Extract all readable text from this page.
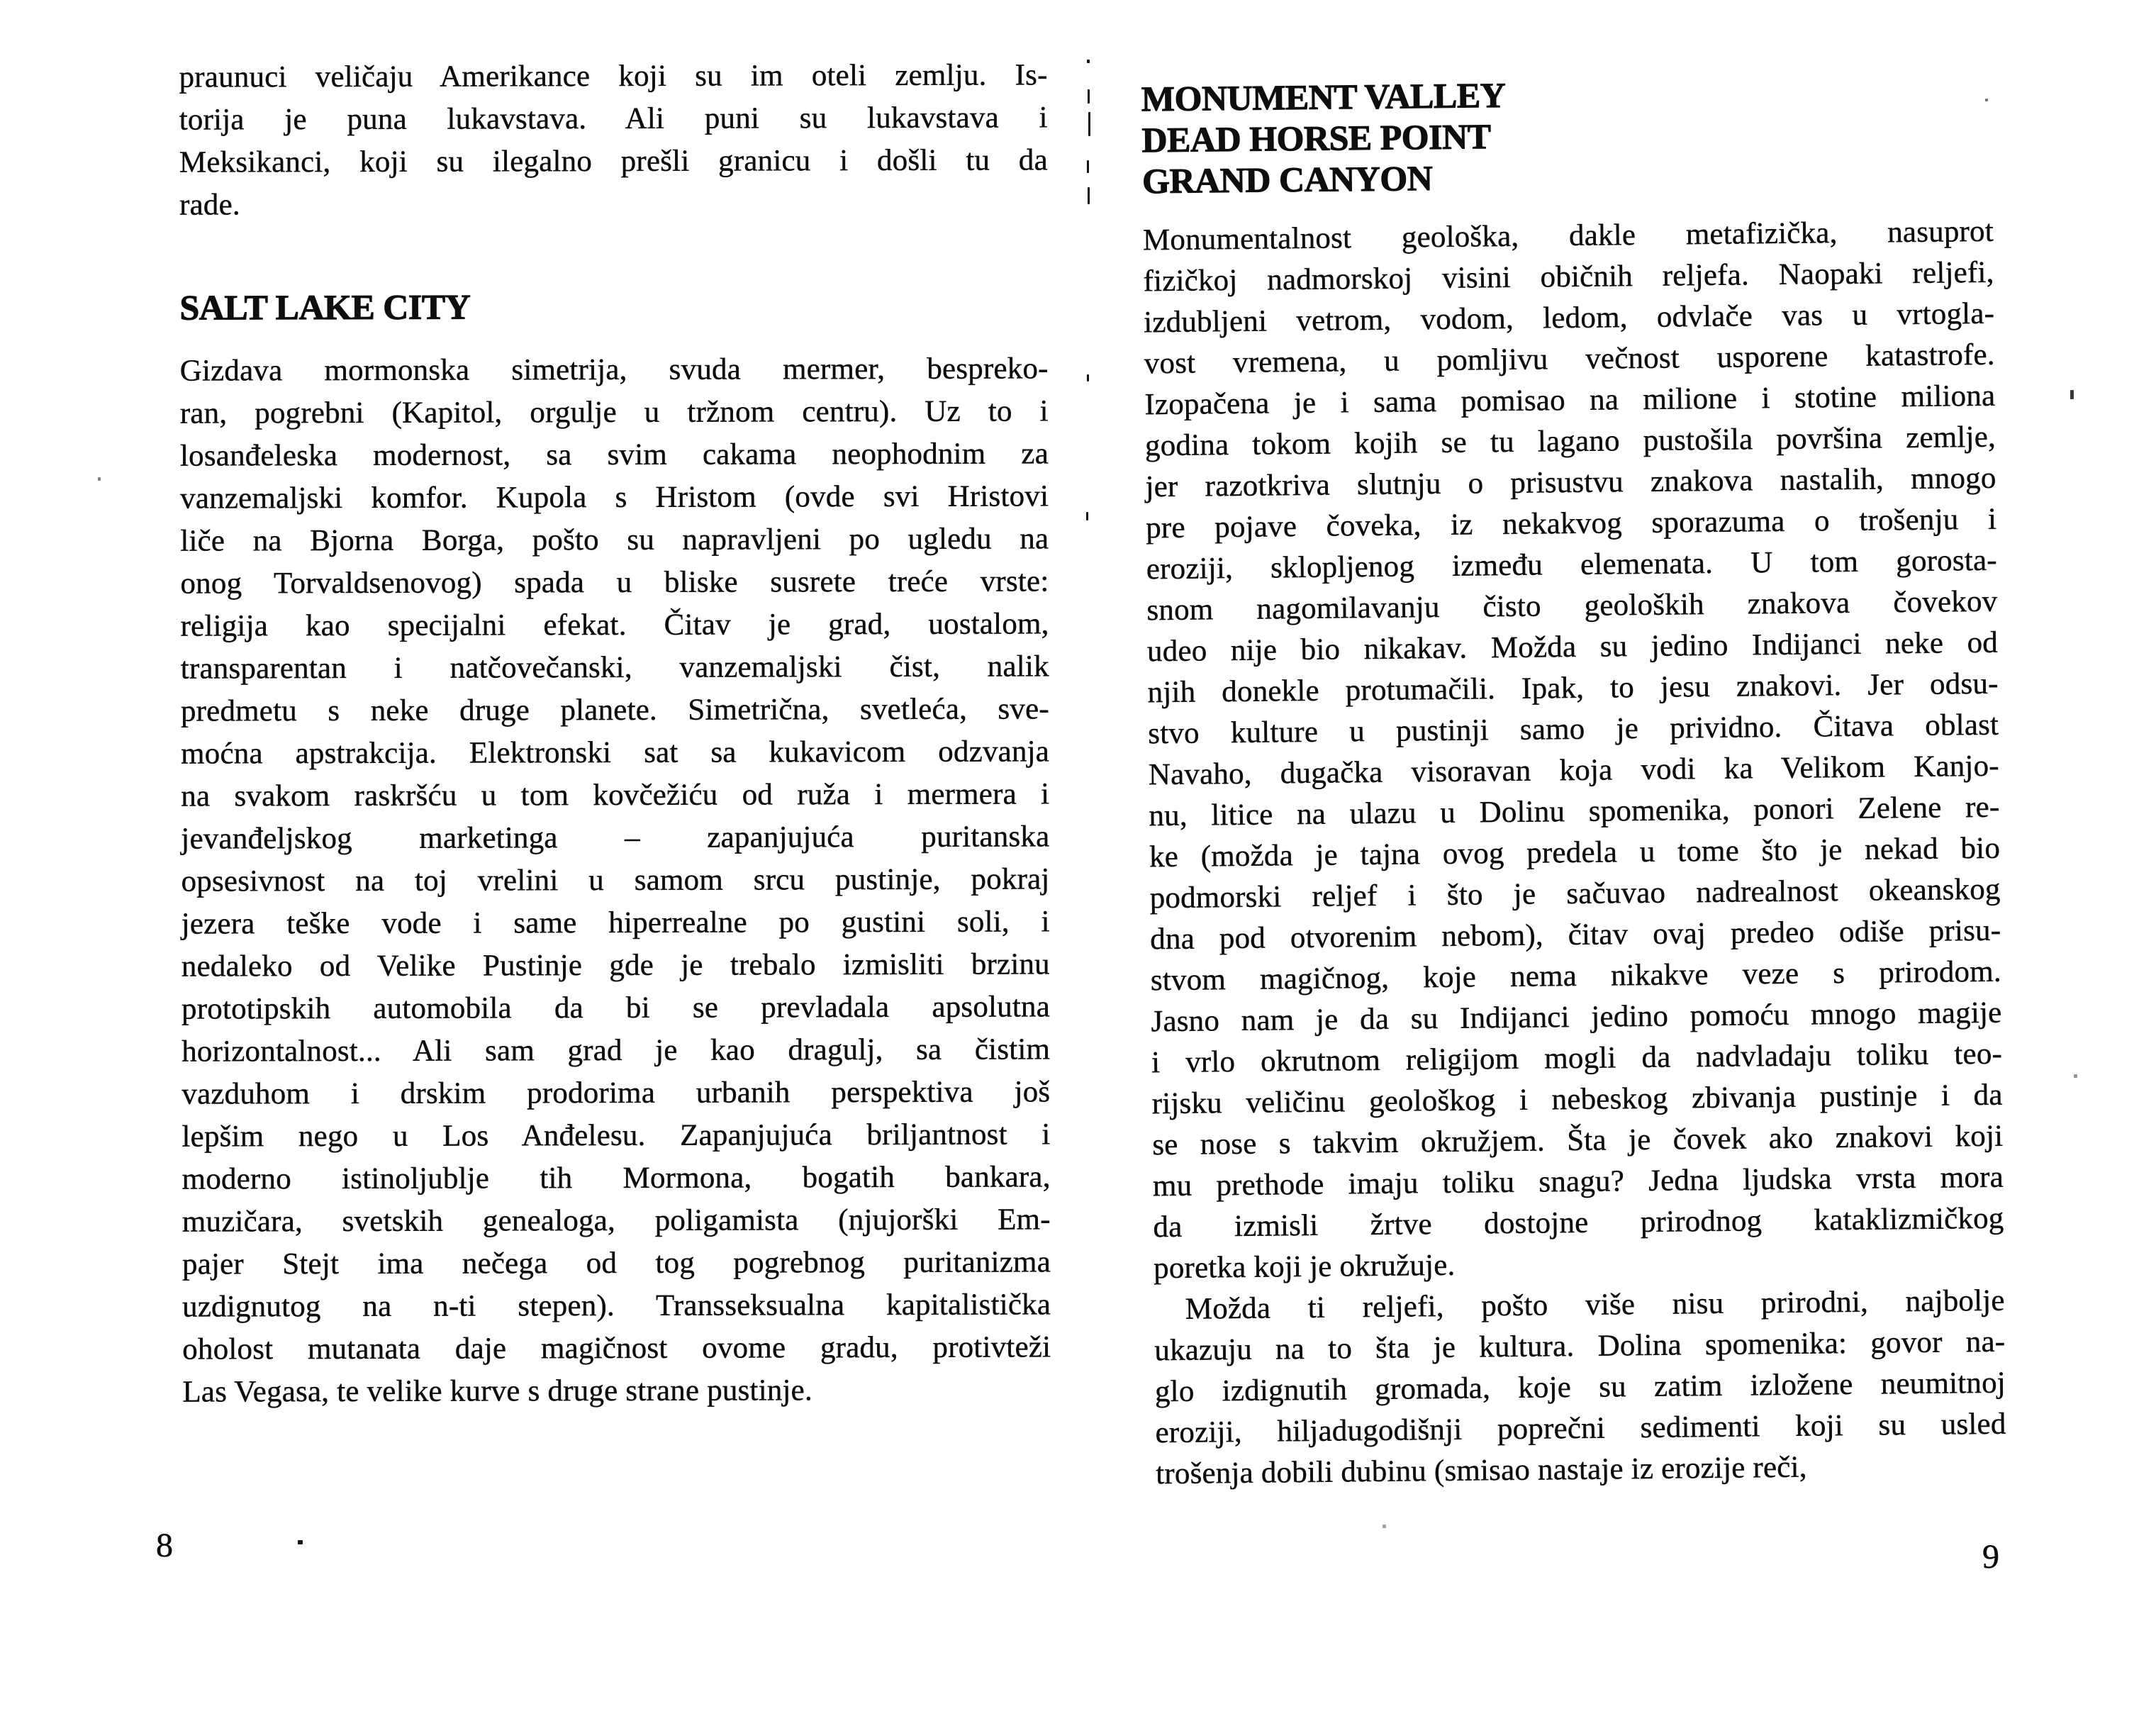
praunuci veličaju Amerikance koji su im oteli zemlju. Is-
torija je puna lukavstava. Ali puni su lukavstava i
Meksikanci, koji su ilegalno prešli granicu i došli tu da
rade.
SALT LAKE CITY
Gizdava mormonska simetrija, svuda mermer, bespreko-
ran, pogrebni (Kapitol, orgulje u tržnom centru). Uz to i
losanđeleska modernost, sa svim cakama neophodnim za
vanzemaljski komfor. Kupola s Hristom (ovde svi Hristovi
liče na Bjorna Borga, pošto su napravljeni po ugledu na
onog Torvaldsenovog) spada u bliske susrete treće vrste:
religija kao specijalni efekat. Čitav je grad, uostalom,
transparentan i natčovečanski, vanzemaljski čist, nalik
predmetu s neke druge planete. Simetrična, svetleća, sve-
moćna apstrakcija. Elektronski sat sa kukavicom odzvanja
na svakom raskršću u tom kovčežiću od ruža i mermera i
jevanđeljskog marketinga – zapanjujuća puritanska
opsesivnost na toj vrelini u samom srcu pustinje, pokraj
jezera teške vode i same hiperrealne po gustini soli, i
nedaleko od Velike Pustinje gde je trebalo izmisliti brzinu
prototipskih automobila da bi se prevladala apsolutna
horizontalnost... Ali sam grad je kao dragulj, sa čistim
vazduhom i drskim prodorima urbanih perspektiva još
lepšim nego u Los Anđelesu. Zapanjujuća briljantnost i
moderno istinoljublje tih Mormona, bogatih bankara,
muzičara, svetskih genealoga, poligamista (njujorški Em-
pajer Stejt ima nečega od tog pogrebnog puritanizma
uzdignutog na n-ti stepen). Transseksualna kapitalistička
oholost mutanata daje magičnost ovome gradu, protivteži
Las Vegasa, te velike kurve s druge strane pustinje.
8
MONUMENT VALLEY
DEAD HORSE POINT
GRAND CANYON
Monumentalnost geološka, dakle metafizička, nasuprot
fizičkoj nadmorskoj visini običnih reljefa. Naopaki reljefi,
izdubljeni vetrom, vodom, ledom, odvlače vas u vrtogla-
vost vremena, u pomljivu večnost usporene katastrofe.
Izopačena je i sama pomisao na milione i stotine miliona
godina tokom kojih se tu lagano pustošila površina zemlje,
jer razotkriva slutnju o prisustvu znakova nastalih, mnogo
pre pojave čoveka, iz nekakvog sporazuma o trošenju i
eroziji, sklopljenog između elemenata. U tom gorosta-
snom nagomilavanju čisto geoloških znakova čovekov
udeo nije bio nikakav. Možda su jedino Indijanci neke od
njih donekle protumačili. Ipak, to jesu znakovi. Jer odsu-
stvo kulture u pustinji samo je prividno. Čitava oblast
Navaho, dugačka visoravan koja vodi ka Velikom Kanjo-
nu, litice na ulazu u Dolinu spomenika, ponori Zelene re-
ke (možda je tajna ovog predela u tome što je nekad bio
podmorski reljef i što je sačuvao nadrealnost okeanskog
dna pod otvorenim nebom), čitav ovaj predeo odiše prisu-
stvom magičnog, koje nema nikakve veze s prirodom.
Jasno nam je da su Indijanci jedino pomoću mnogo magije
i vrlo okrutnom religijom mogli da nadvladaju toliku teo-
rijsku veličinu geološkog i nebeskog zbivanja pustinje i da
se nose s takvim okružjem. Šta je čovek ako znakovi koji
mu prethode imaju toliku snagu? Jedna ljudska vrsta mora
da izmisli žrtve dostojne prirodnog kataklizmičkog
poretka koji je okružuje.
Možda ti reljefi, pošto više nisu prirodni, najbolje
ukazuju na to šta je kultura. Dolina spomenika: govor na-
glo izdignutih gromada, koje su zatim izložene neumitnoj
eroziji, hiljadugodišnji poprečni sedimenti koji su usled
trošenja dobili dubinu (smisao nastaje iz erozije reči,
9
